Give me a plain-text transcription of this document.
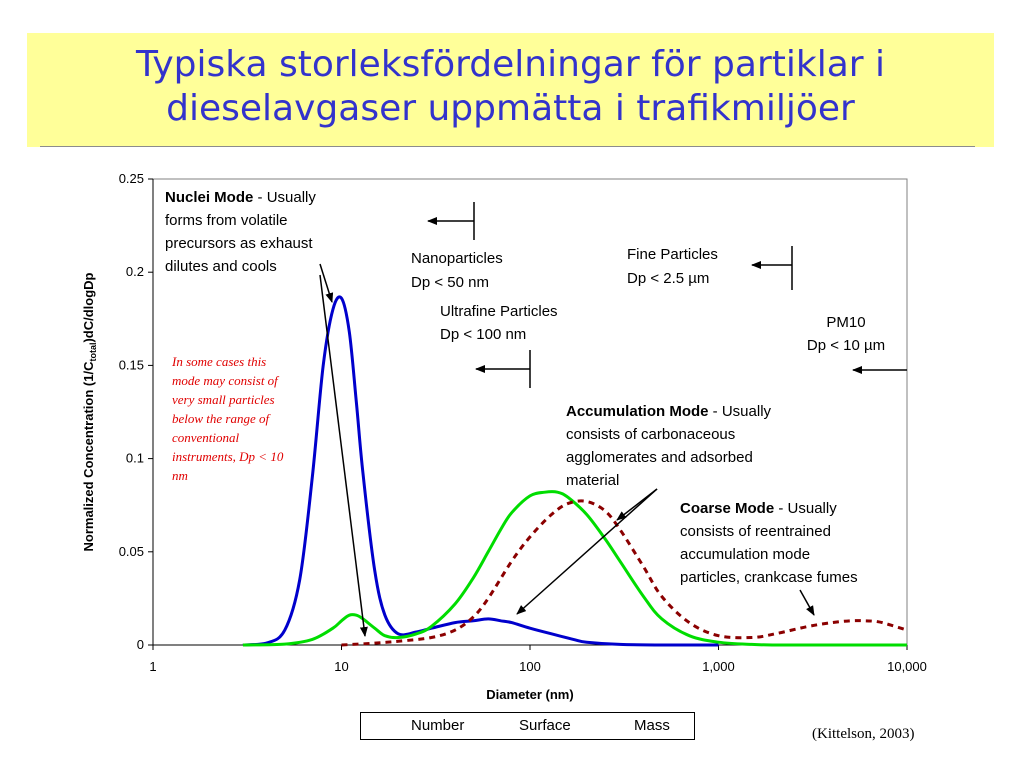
Typiska storleksfördelningar för partiklar i dieselavgaser uppmätta i trafikmiljöer
0
0.05
0.1
0.15
0.2
0.25
1	10	100	1,000	10,000
Diameter (nm)
Normalized Concentration $(1/C_{total})dC$/dlogDp
Nuclei Mode - Usually
forms from volatile
precursors as exhaust
dilutes and cools
In some cases this
mode may consist of
very small particles
below the range of
conventional
instruments, Dp < 10
nm
Nanoparticles
Dp < 50 nm
Ultrafine Particles
Dp < 100 nm
Fine Particles
Dp < 2.5 µm
PM10
Dp < 10 µm
Accumulation Mode - Usually
consists of carbonaceous
agglomerates and adsorbed
material
Coarse Mode - Usually
consists of reentrained
accumulation mode
particles, crankcase fumes
Number	Surface	Mass	(Kittelson, 2003)
